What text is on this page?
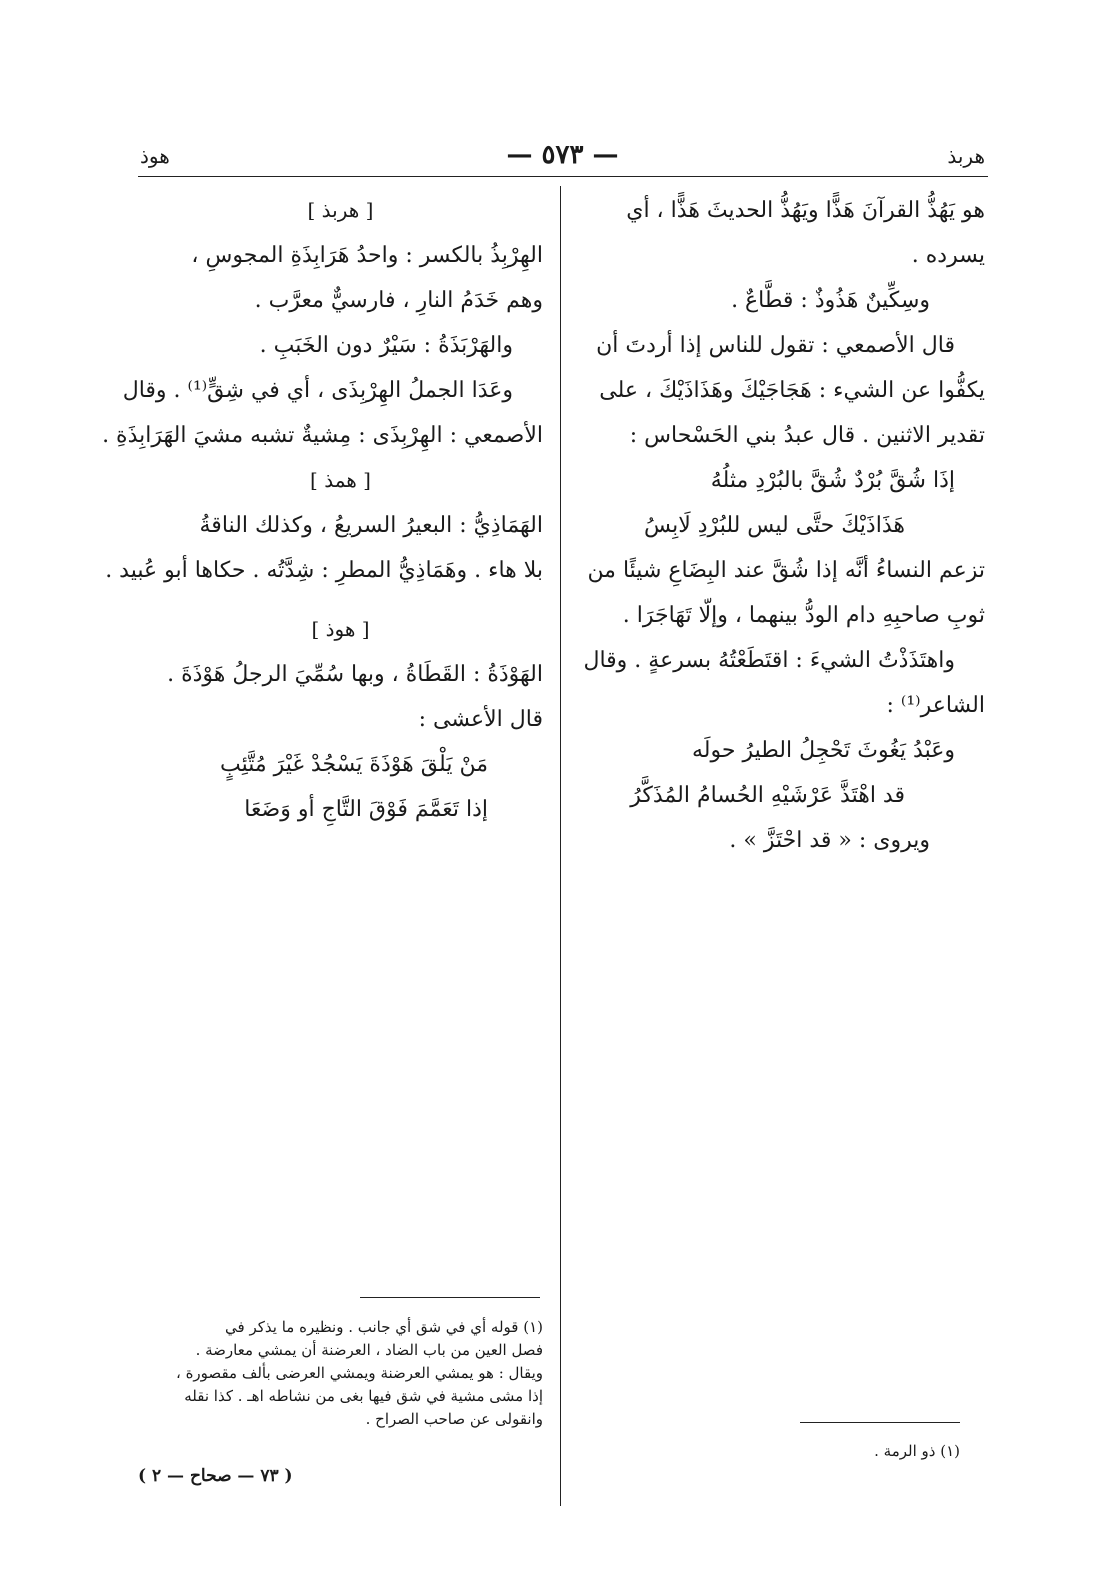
هربذ
— ٥٧٣ —
هوذ
هو يَهُذُّ القرآنَ هَذًّا ويَهُذُّ الحديثَ هَذًّا ، أي
يسرده .
وسِكِّينٌ هَذُوذٌ : قطَّاعٌ .
قال الأصمعي : تقول للناس إذا أردتَ أن
يكفُّوا عن الشيء : هَجَاجَيْكَ وهَذَاذَيْكَ ، على
تقدير الاثنين . قال عبدُ بني الحَسْحاس :
إذَا شُقَّ بُرْدٌ شُقَّ بالبُرْدِ مثلُهُ
هَذَاذَيْكَ حتَّى ليس للبُرْدِ لَابِسُ
تزعم النساءُ أنَّه إذا شُقَّ عند البِضَاعِ شيئًا من
ثوبِ صاحبِهِ دام الودُّ بينهما ، وإلّا تَهَاجَرَا .
واهتَذَذْتُ الشيءَ : اقتَطَعْتُهُ بسرعةٍ . وقال
الشاعر⁽¹⁾ :
وعَبْدُ يَغُوثَ تَحْجِلُ الطيرُ حولَه
قد اهْتَذَّ عَرْشَيْهِ الحُسامُ المُذَكَّرُ
ويروى : « قد احْتَزَّ » .
[ هربذ ]
الهِرْبِذُ بالكسر : واحدُ هَرَابِذَةِ المجوسِ ،
وهم خَدَمُ النارِ ، فارسيٌّ معرَّب .
والهَرْبَذَةُ : سَيْرٌ دون الخَبَبِ .
وعَدَا الجملُ الهِرْبِذَى ، أي في شِقٍّ⁽¹⁾ . وقال
الأصمعي : الهِرْبِذَى : مِشيةٌ تشبه مشيَ الهَرَابِذَةِ .
[ همذ ]
الهَمَاذِيُّ : البعيرُ السريعُ ، وكذلك الناقةُ
بلا هاء . وهَمَاذِيُّ المطرِ : شِدَّتُه . حكاها أبو عُبيد .
[ هوذ ]
الهَوْذَةُ : القَطَاةُ ، وبها سُمِّيَ الرجلُ هَوْذَةَ .
قال الأعشى :
مَنْ يَلْقَ هَوْذَةَ يَسْجُدْ غَيْرَ مُتَّئِبٍ
إذا تَعَمَّمَ فَوْقَ التَّاجِ أو وَضَعَا
(١) ذو الرمة .
(١) قوله أي في شق أي جانب . ونظيره ما يذكر في
فصل العين من باب الضاد ، العرضنة أن يمشي معارضة .
ويقال : هو يمشي العرضنة ويمشي العرضى بألف مقصورة ،
إذا مشى مشية في شق فيها بغى من نشاطه اهـ . كذا نقله
وانقولى عن صاحب الصراح .
( ٧٣ — صحاح — ٢ )
